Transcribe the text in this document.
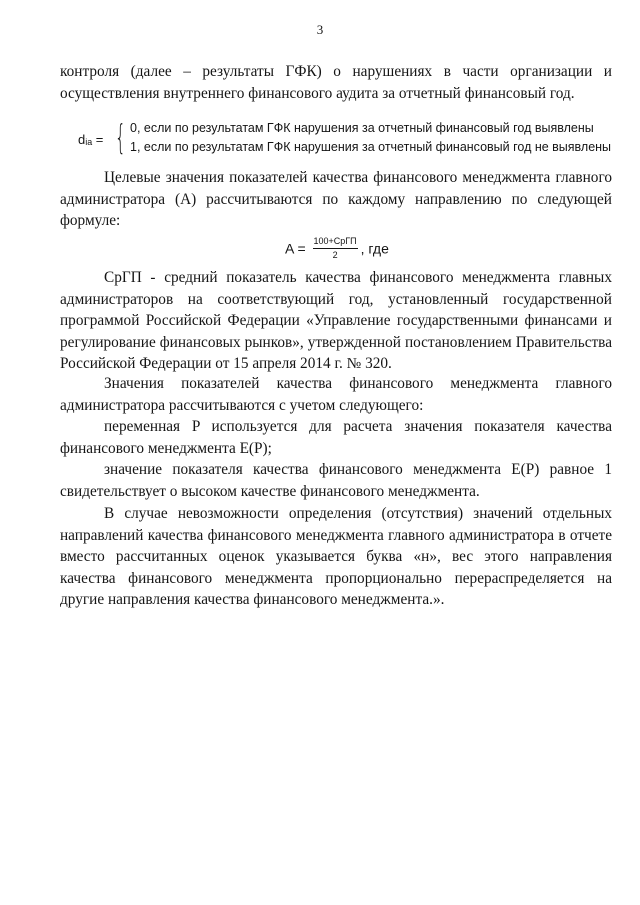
3

контроля (далее – результаты ГФК) о нарушениях в части организации и осуществления внутреннего финансового аудита за отчетный финансовый год.

dᵢₐ = { 0, если по результатам ГФК нарушения за отчетный финансовый год выявлены
1, если по результатам ГФК нарушения за отчетный финансовый год не выявлены

Целевые значения показателей качества финансового менеджмента главного администратора (A) рассчитываются по каждому направлению по следующей формуле:

$A = \frac{\text{100+СрГП}}{2}$ , где

СрГП - средний показатель качества финансового менеджмента главных администраторов на соответствующий год, установленный государственной программой Российской Федерации «Управление государственными финансами и регулирование финансовых рынков», утвержденной постановлением Правительства Российской Федерации от 15 апреля 2014 г. № 320.

Значения показателей качества финансового менеджмента главного администратора рассчитываются с учетом следующего:

переменная P используется для расчета значения показателя качества финансового менеджмента E(P);

значение показателя качества финансового менеджмента E(P) равное 1 свидетельствует о высоком качестве финансового менеджмента.

В случае невозможности определения (отсутствия) значений отдельных направлений качества финансового менеджмента главного администратора в отчете вместо рассчитанных оценок указывается буква «н», вес этого направления качества финансового менеджмента пропорционально перераспределяется на другие направления качества финансового менеджмента.».
